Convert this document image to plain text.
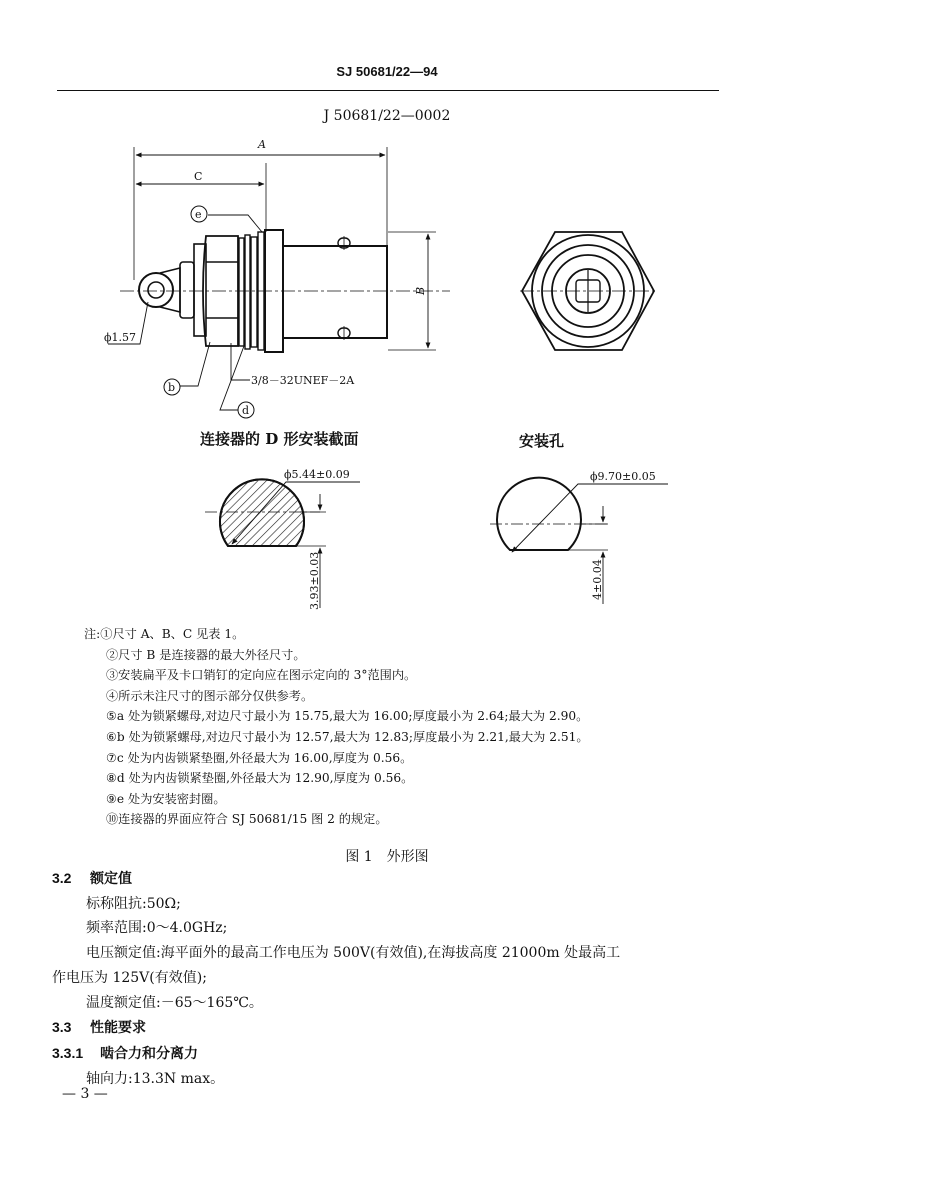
SJ 50681/22—94
J 50681/22—0002
A
C
B
ϕ1.57
e
b
d
3/8－32UNEF－2A
ϕ5.44±0.09
3.93±0.03
ϕ9.70±0.05
4±0.04
连接器的 D 形安装截面	安装孔
注:①尺寸 A、B、C 见表 1。
②尺寸 B 是连接器的最大外径尺寸。
③安装扁平及卡口销钉的定向应在图示定向的 3°范围内。
④所示未注尺寸的图示部分仅供参考。
⑤a 处为锁紧螺母,对边尺寸最小为 15.75,最大为 16.00;厚度最小为 2.64;最大为 2.90。
⑥b 处为锁紧螺母,对边尺寸最小为 12.57,最大为 12.83;厚度最小为 2.21,最大为 2.51。
⑦c 处为内齿锁紧垫圈,外径最大为 16.00,厚度为 0.56。
⑧d 处为内齿锁紧垫圈,外径最大为 12.90,厚度为 0.56。
⑨e 处为安装密封圈。
⑩连接器的界面应符合 SJ 50681/15 图 2 的规定。
图 1　外形图
3.2 额定值
标称阻抗:50Ω;
频率范围:0～4.0GHz;
电压额定值:海平面外的最高工作电压为 500V(有效值),在海拔高度 21000m 处最高工
作电压为 125V(有效值);
温度额定值:－65～165℃。
3.3 性能要求
3.3.1 啮合力和分离力
轴向力:13.3N max。
— 3 —
